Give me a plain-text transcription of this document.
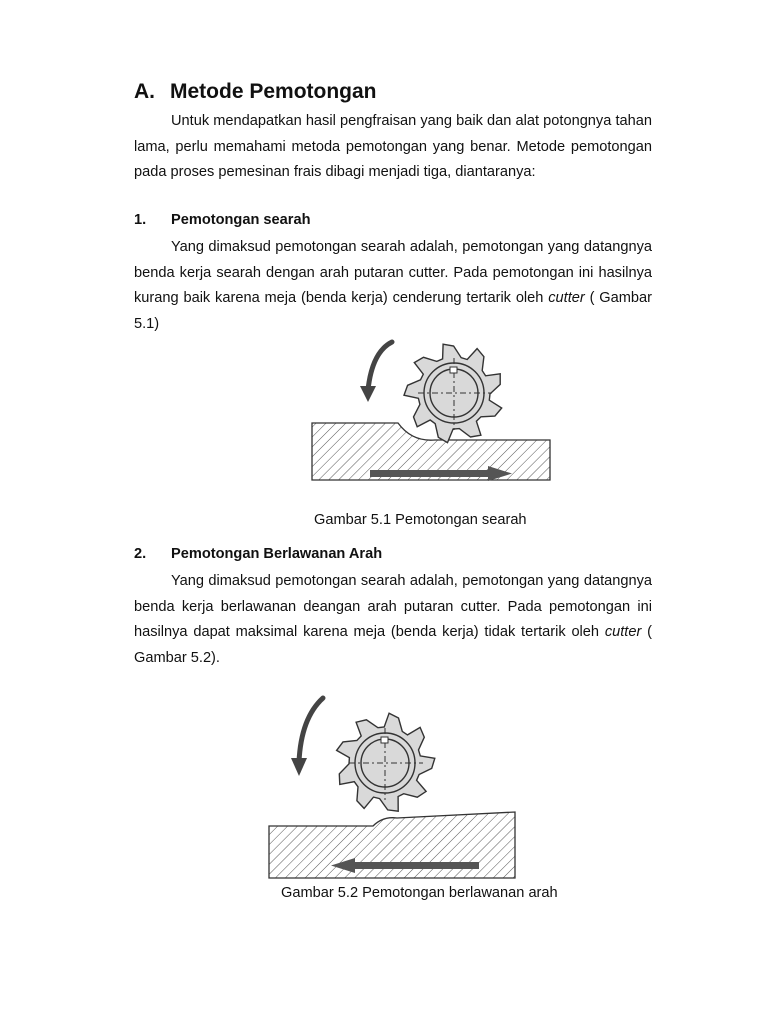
A. Metode Pemotongan

Untuk mendapatkan hasil pengfraisan yang baik dan alat potongnya tahan lama, perlu memahami metoda pemotongan yang benar. Metode pemotongan pada proses pemesinan frais dibagi menjadi tiga, diantaranya:

1. Pemotongan searah

Yang dimaksud pemotongan searah adalah, pemotongan yang datangnya benda kerja searah dengan arah putaran cutter. Pada pemotongan ini hasilnya kurang baik karena meja (benda kerja) cenderung tertarik oleh cutter ( Gambar 5.1)

Gambar 5.1 Pemotongan searah

2. Pemotongan Berlawanan Arah

Yang dimaksud pemotongan searah adalah, pemotongan yang datangnya benda kerja berlawanan deangan arah putaran cutter. Pada pemotongan ini hasilnya dapat maksimal karena meja (benda kerja) tidak tertarik oleh cutter ( Gambar 5.2).

Gambar 5.2 Pemotongan berlawanan arah
